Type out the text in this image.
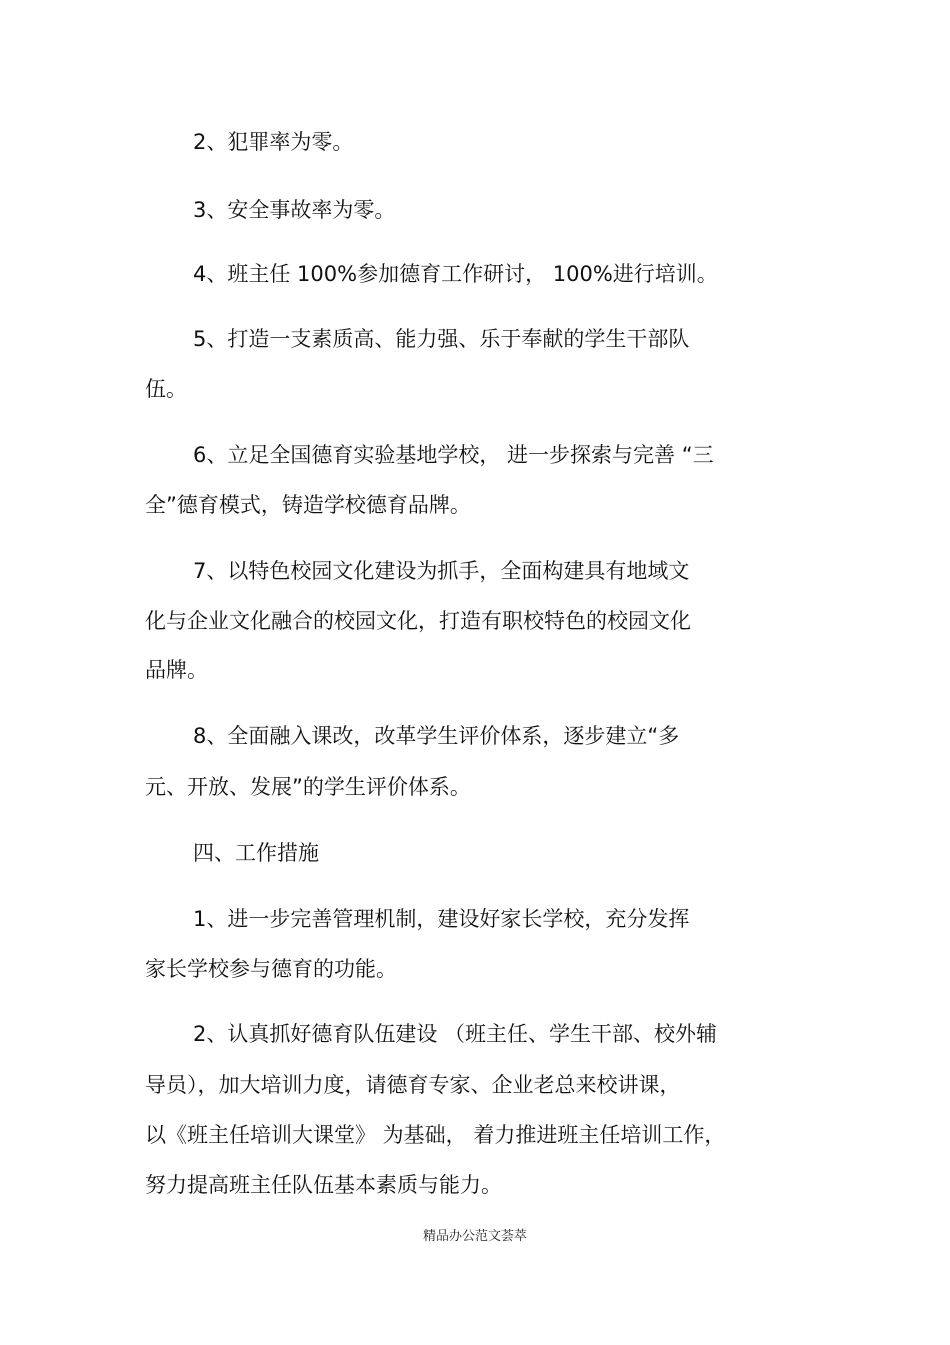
2、犯罪率为零。
3、安全事故率为零。
4、班主任 100%参加德育工作研讨， 100%进行培训。
5、打造一支素质高、能力强、乐于奉献的学生干部队
伍。
6、立足全国德育实验基地学校， 进一步探索与完善 “三
全”德育模式，铸造学校德育品牌。
7、以特色校园文化建设为抓手，全面构建具有地域文
化与企业文化融合的校园文化，打造有职校特色的校园文化
品牌。
8、全面融入课改，改革学生评价体系，逐步建立“多
元、开放、发展”的学生评价体系。
四、工作措施
1、进一步完善管理机制，建设好家长学校，充分发挥
家长学校参与德育的功能。
2、认真抓好德育队伍建设 （班主任、学生干部、校外辅
导员），加大培训力度，请德育专家、企业老总来校讲课，
以《班主任培训大课堂》 为基础， 着力推进班主任培训工作，
努力提高班主任队伍基本素质与能力。
精品办公范文荟萃
